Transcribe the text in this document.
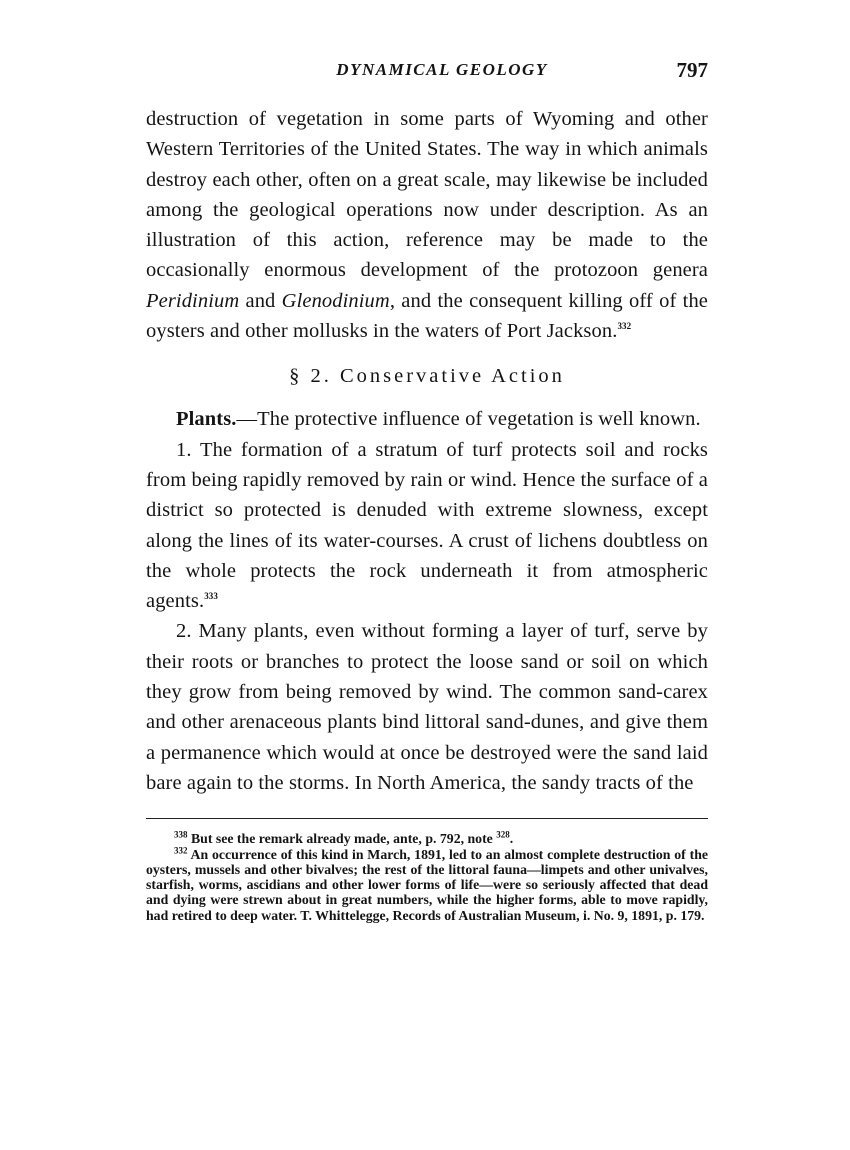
DYNAMICAL GEOLOGY	797

destruction of vegetation in some parts of Wyoming and other Western Territories of the United States. The way in which animals destroy each other, often on a great scale, may likewise be included among the geological operations now under description. As an illustration of this action, reference may be made to the occasionally enormous development of the protozoon genera Peridinium and Glenodinium, and the consequent killing off of the oysters and other mollusks in the waters of Port Jackson.$^{332}$

§ 2. Conservative Action

Plants.—The protective influence of vegetation is well known.

1. The formation of a stratum of turf protects soil and rocks from being rapidly removed by rain or wind. Hence the surface of a district so protected is denuded with extreme slowness, except along the lines of its water-courses. A crust of lichens doubtless on the whole protects the rock underneath it from atmospheric agents.$^{333}$

2. Many plants, even without forming a layer of turf, serve by their roots or branches to protect the loose sand or soil on which they grow from being removed by wind. The common sand-carex and other arenaceous plants bind littoral sand-dunes, and give them a permanence which would at once be destroyed were the sand laid bare again to the storms. In North America, the sandy tracts of the

$^{338}$ But see the remark already made, ante, p. 792, note $^{328}$.

$^{332}$ An occurrence of this kind in March, 1891, led to an almost complete destruction of the oysters, mussels and other bivalves; the rest of the littoral fauna—limpets and other univalves, starfish, worms, ascidians and other lower forms of life—were so seriously affected that dead and dying were strewn about in great numbers, while the higher forms, able to move rapidly, had retired to deep water. T. Whittelegge, Records of Australian Museum, i. No. 9, 1891, p. 179.
